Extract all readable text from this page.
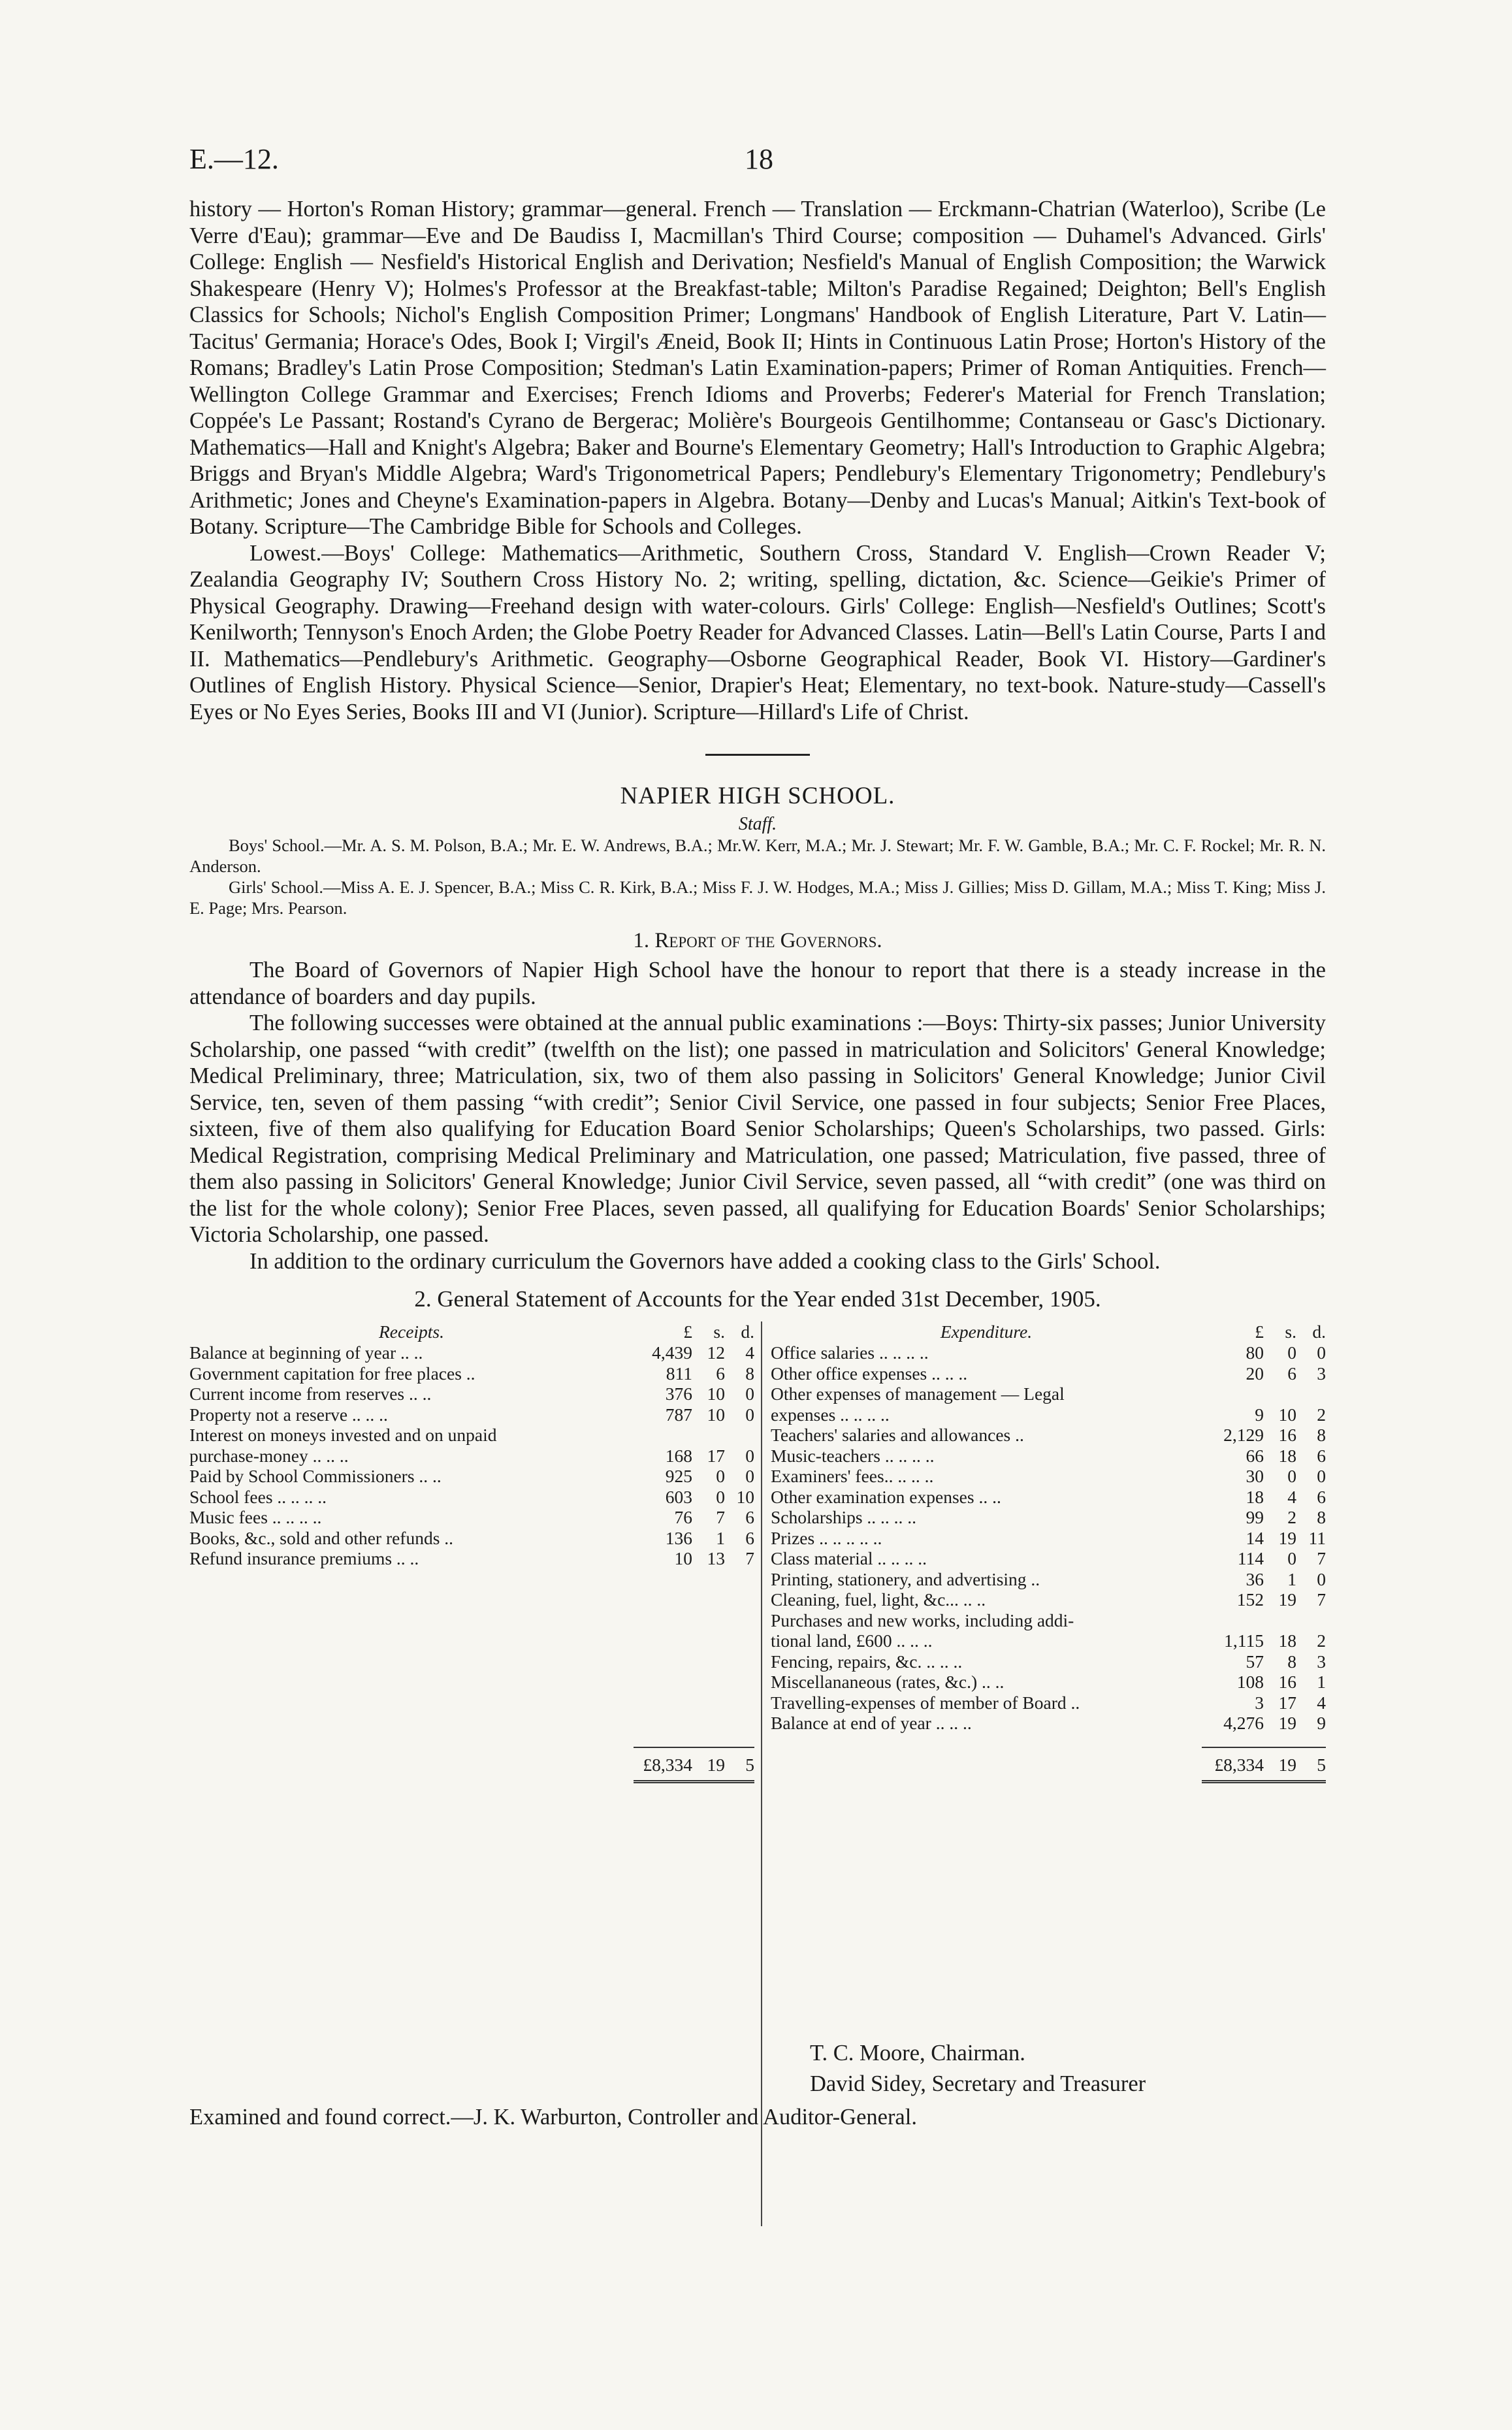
E.—12.	18

history — Horton's Roman History; grammar—general. French — Translation — Erckmann-Chatrian (Waterloo), Scribe (Le Verre d'Eau); grammar—Eve and De Baudiss I, Macmillan's Third Course; composition — Duhamel's Advanced. Girls' College: English — Nesfield's Historical English and Derivation; Nesfield's Manual of English Composition; the Warwick Shakespeare (Henry V); Holmes's Professor at the Breakfast-table; Milton's Paradise Regained; Deighton; Bell's English Classics for Schools; Nichol's English Composition Primer; Longmans' Handbook of English Literature, Part V. Latin—Tacitus' Germania; Horace's Odes, Book I; Virgil's Æneid, Book II; Hints in Continuous Latin Prose; Horton's History of the Romans; Bradley's Latin Prose Composition; Stedman's Latin Examination-papers; Primer of Roman Antiquities. French—Wellington College Grammar and Exercises; French Idioms and Proverbs; Federer's Material for French Translation; Coppée's Le Passant; Rostand's Cyrano de Bergerac; Molière's Bourgeois Gentilhomme; Contanseau or Gasc's Dictionary. Mathematics—Hall and Knight's Algebra; Baker and Bourne's Elementary Geometry; Hall's Introduction to Graphic Algebra; Briggs and Bryan's Middle Algebra; Ward's Trigonometrical Papers; Pendlebury's Elementary Trigonometry; Pendlebury's Arithmetic; Jones and Cheyne's Examination-papers in Algebra. Botany—Denby and Lucas's Manual; Aitkin's Text-book of Botany. Scripture—The Cambridge Bible for Schools and Colleges.

Lowest.—Boys' College: Mathematics—Arithmetic, Southern Cross, Standard V. English—Crown Reader V; Zealandia Geography IV; Southern Cross History No. 2; writing, spelling, dictation, &c. Science—Geikie's Primer of Physical Geography. Drawing—Freehand design with water-colours. Girls' College: English—Nesfield's Outlines; Scott's Kenilworth; Tennyson's Enoch Arden; the Globe Poetry Reader for Advanced Classes. Latin—Bell's Latin Course, Parts I and II. Mathematics—Pendlebury's Arithmetic. Geography—Osborne Geographical Reader, Book VI. History—Gardiner's Outlines of English History. Physical Science—Senior, Drapier's Heat; Elementary, no text-book. Nature-study—Cassell's Eyes or No Eyes Series, Books III and VI (Junior). Scripture—Hillard's Life of Christ.

NAPIER HIGH SCHOOL.
Staff.

Boys' School.—Mr. A. S. M. Polson, B.A.; Mr. E. W. Andrews, B.A.; Mr.W. Kerr, M.A.; Mr. J. Stewart; Mr. F. W. Gamble, B.A.; Mr. C. F. Rockel; Mr. R. N. Anderson.

Girls' School.—Miss A. E. J. Spencer, B.A.; Miss C. R. Kirk, B.A.; Miss F. J. W. Hodges, M.A.; Miss J. Gillies; Miss D. Gillam, M.A.; Miss T. King; Miss J. E. Page; Mrs. Pearson.

1. Report of the Governors.

The Board of Governors of Napier High School have the honour to report that there is a steady increase in the attendance of boarders and day pupils.

The following successes were obtained at the annual public examinations :—Boys: Thirty-six passes; Junior University Scholarship, one passed “with credit” (twelfth on the list); one passed in matriculation and Solicitors' General Knowledge; Medical Preliminary, three; Matriculation, six, two of them also passing in Solicitors' General Knowledge; Junior Civil Service, ten, seven of them passing “with credit”; Senior Civil Service, one passed in four subjects; Senior Free Places, sixteen, five of them also qualifying for Education Board Senior Scholarships; Queen's Scholarships, two passed. Girls: Medical Registration, comprising Medical Preliminary and Matriculation, one passed; Matriculation, five passed, three of them also passing in Solicitors' General Knowledge; Junior Civil Service, seven passed, all “with credit” (one was third on the list for the whole colony); Senior Free Places, seven passed, all qualifying for Education Boards' Senior Scholarships; Victoria Scholarship, one passed.

In addition to the ordinary curriculum the Governors have added a cooking class to the Girls' School.

2. General Statement of Accounts for the Year ended 31st December, 1905.
Receipts.	£	s.	d.
Balance at beginning of year .. ..	4,439	12	4
Government capitation for free places ..	811	6	8
Current income from reserves .. ..	376	10	0
Property not a reserve .. .. ..	787	10	0
Interest on moneys invested and on unpaid			
purchase-money .. .. ..	168	17	0
Paid by School Commissioners .. ..	925	0	0
School fees .. .. .. ..	603	0	10
Music fees .. .. .. ..	76	7	6
Books, &c., sold and other refunds ..	136	1	6
Refund insurance premiums .. ..	10	13	7

	£8,334	19	5
Expenditure.	£	s.	d.
Office salaries .. .. .. ..	80	0	0
Other office expenses .. .. ..	20	6	3
Other expenses of management — Legal			
expenses .. .. .. ..	9	10	2
Teachers' salaries and allowances ..	2,129	16	8
Music-teachers .. .. .. ..	66	18	6
Examiners' fees.. .. .. ..	30	0	0
Other examination expenses .. ..	18	4	6
Scholarships .. .. .. ..	99	2	8
Prizes .. .. .. .. ..	14	19	11
Class material .. .. .. ..	114	0	7
Printing, stationery, and advertising ..	36	1	0
Cleaning, fuel, light, &c... .. ..	152	19	7
Purchases and new works, including addi-			
tional land, £600 .. .. ..	1,115	18	2
Fencing, repairs, &c. .. .. ..	57	8	3
Miscellananeous (rates, &c.) .. ..	108	16	1
Travelling-expenses of member of Board ..	3	17	4
Balance at end of year .. .. ..	4,276	19	9

	£8,334	19	5
T. C. Moore, Chairman.
David Sidey, Secretary and Treasurer
Examined and found correct.—J. K. Warburton, Controller and Auditor-General.
